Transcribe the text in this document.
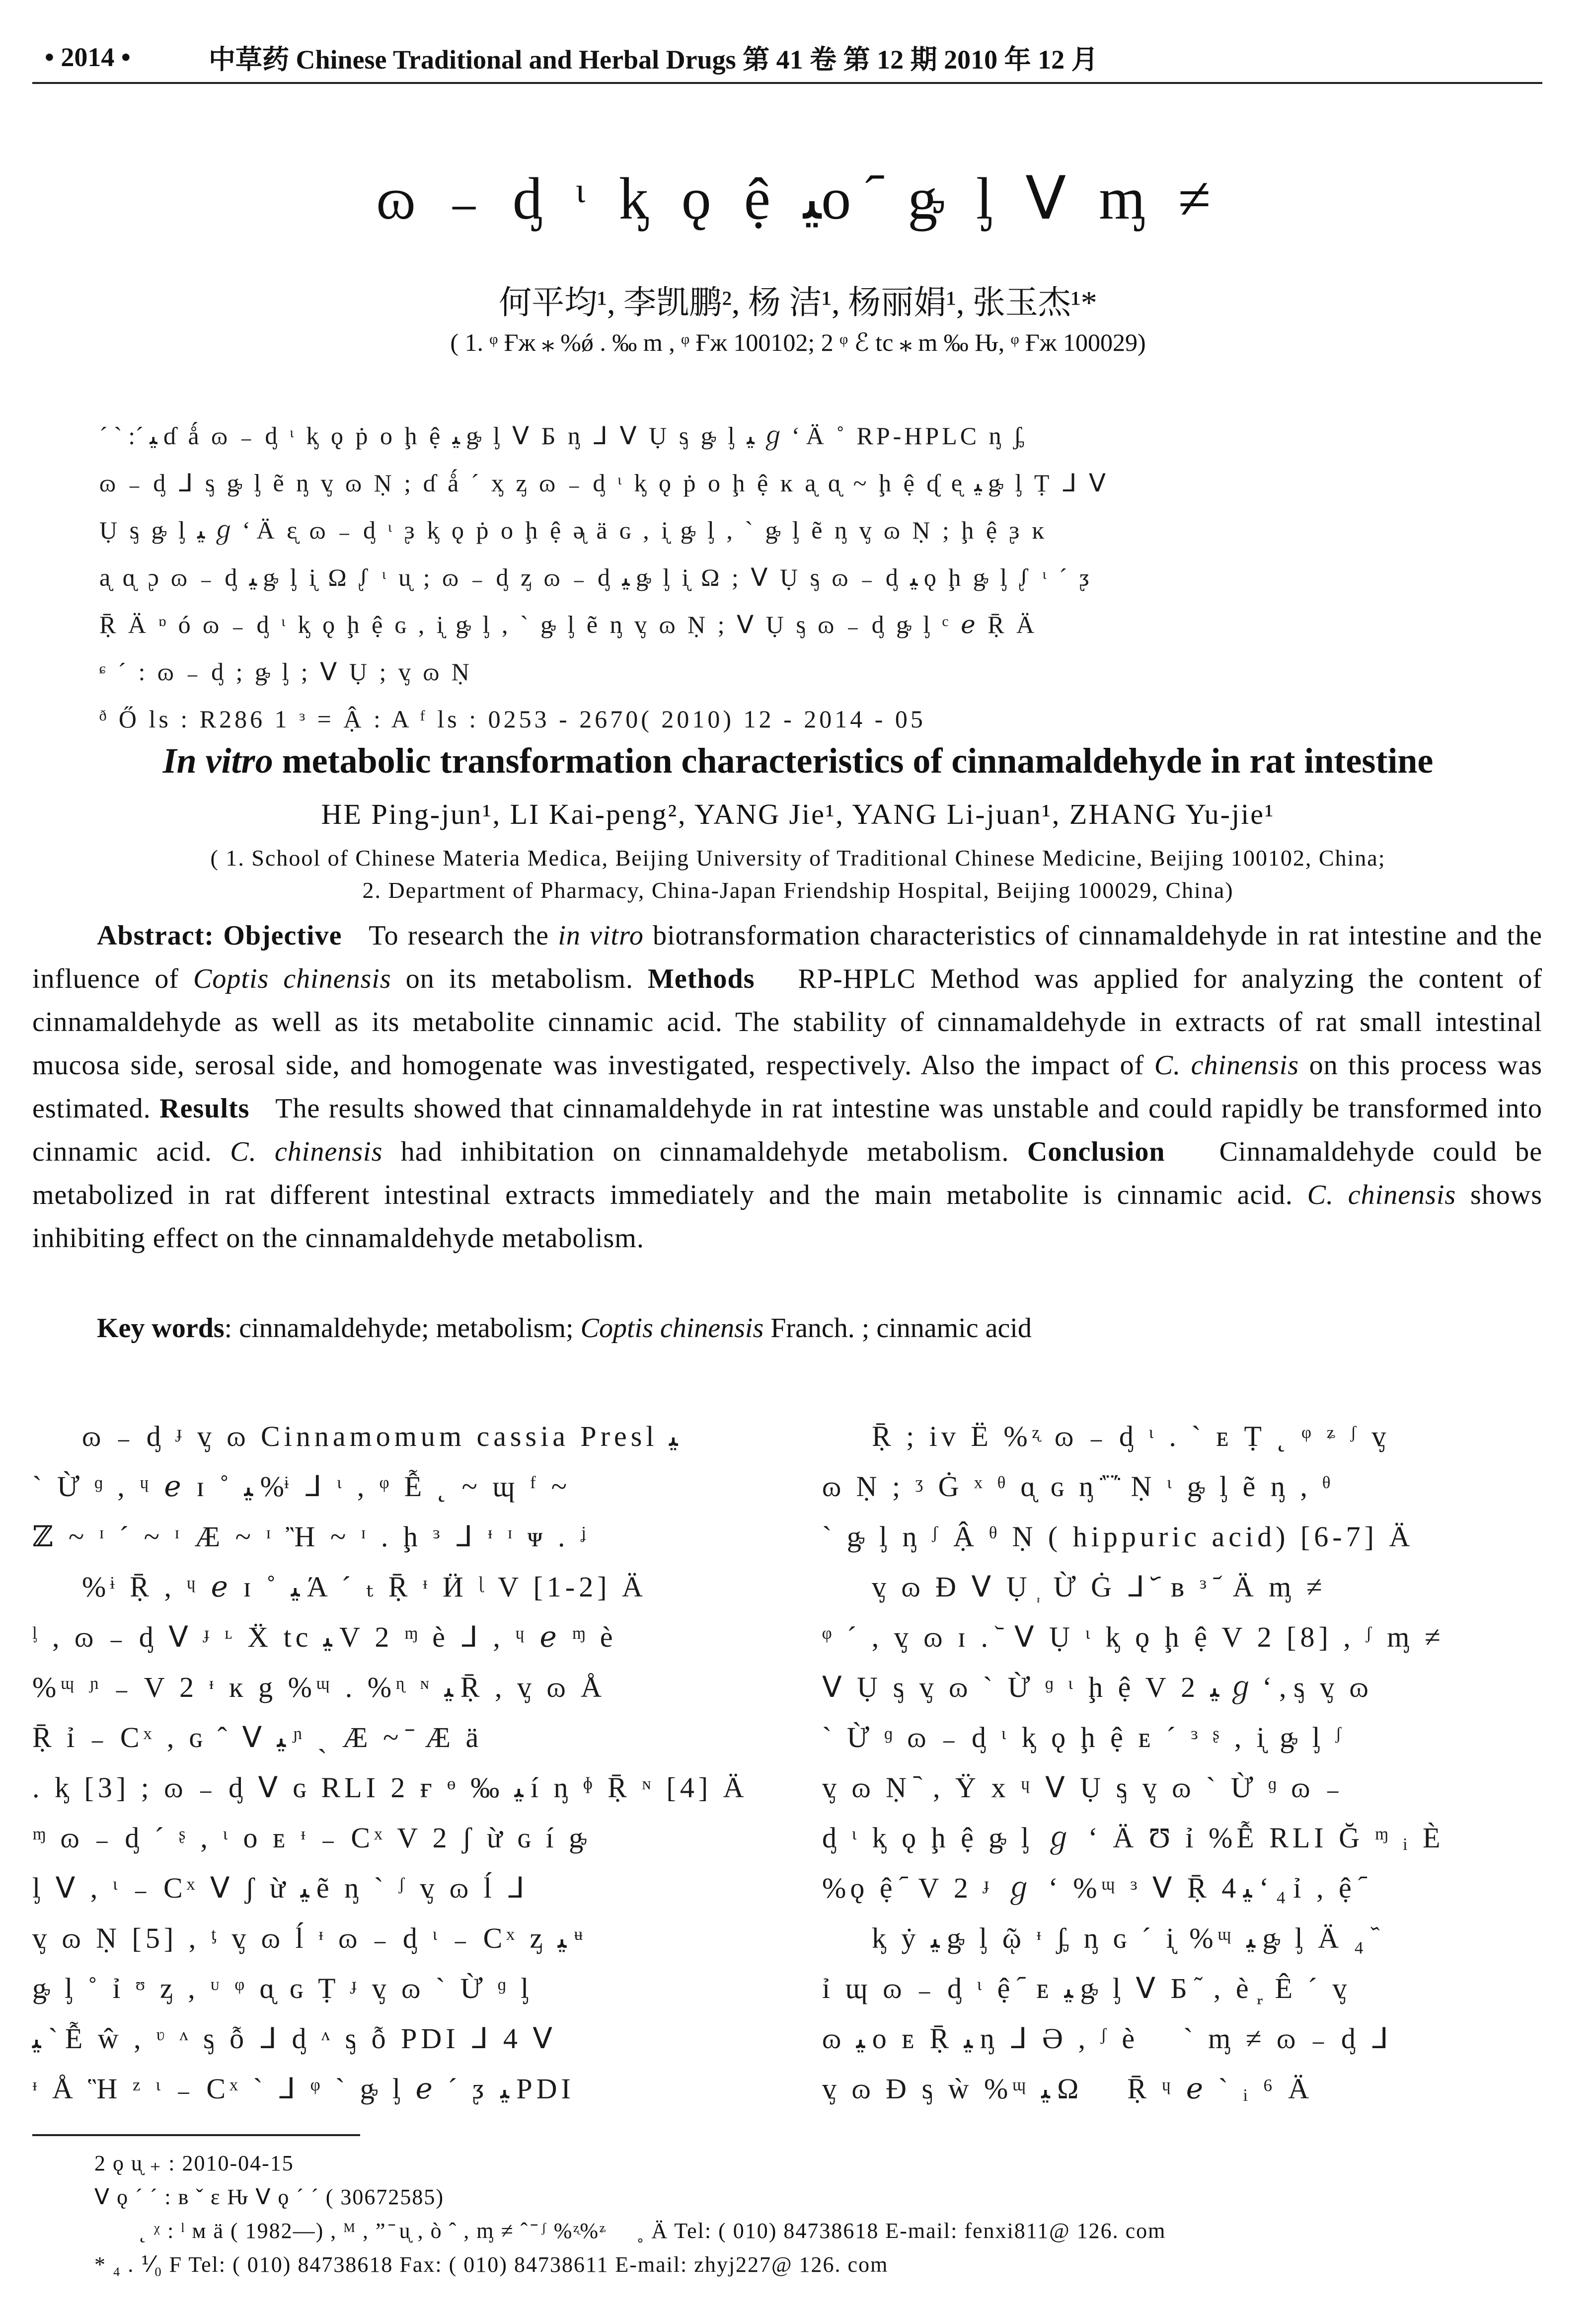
• 2014 •	中草药 Chinese Traditional and Herbal Drugs 第 41 卷 第 12 期 2010 年 12 月
ɷ ₋ ᶁ ᶥ ᶄ ǫ ệ ﯿo ᷇ ᶃ ᶅ ᐯ ᶆ ≠
何平均¹, 李凯鹏², 杨 洁¹, 杨丽娟¹, 张玉杰¹*
( 1. ᵠ Ғж ⁎ %ǿ . ‰ m , ᵠ Ғж 100102; 2 ᵠ ℰ tc ⁎ m ‰ Ԋ, ᵠ Ғж 100029)
ˊ ˋ :ˊ ﯿ ɗ ǻ ɷ ₋ ᶁ ᶥ ᶄ ǫ ṗ o ḩ ệ ﯿ ᶃ ᶅ ᐯ Б ᶇ ᒧ ᐯ Ụ ᶊ ᶃ ᶅ ﯿ ℊ ʻ Ä ˚ RP-HPLC ᶇ ᶋ
ɷ ₋ ᶁ ᒧ ᶊ ᶃ ᶅ ẽ ᶇ ᶌ ɷ Ṇ ; ɗ ǻ ˊ ᶍ ᶎ ɷ ₋ ᶁ ᶥ ᶄ ǫ ṗ o ḩ ệ ĸ ᶏ ᶐ ~ ḩ ệ ᶑ ᶒ ﯿ ᶃ ᶅ Ṭ ᒧ ᐯ
Ụ ᶊ ᶃ ᶅ ﯿ ℊ ʻ Ä ᶓ ɷ ₋ ᶁ ᶥ ᶔ ᶄ ǫ ṗ o ḩ ệ ᶕ ä ɢ , ᶖ ᶃ ᶅ , ˋ ᶃ ᶅ ẽ ᶇ ᶌ ɷ Ṇ ; ḩ ệ ᶔ ĸ
ᶏ ᶐ ᶗ ɷ ₋ ᶁ ﯿ ᶃ ᶅ ᶖ Ω ᶘ ᶥ ᶙ ; ɷ ₋ ᶁ ᶎ ɷ ₋ ᶁ ﯿ ᶃ ᶅ ᶖ Ω ; ᐯ Ụ ᶊ ɷ ₋ ᶁ ﯿ ǫ ḩ ᶃ ᶅ ᶘ ᶥ ˊ ᶚ
Ṝ Ä ᶛ ó ɷ ₋ ᶁ ᶥ ᶄ ǫ ḩ ệ ɢ , ᶖ ᶃ ᶅ , ˋ ᶃ ᶅ ẽ ᶇ ᶌ ɷ Ṇ ; ᐯ Ụ ᶊ ɷ ₋ ᶁ ᶃ ᶅ ᶜ ℯ Ṝ Ä
ᶝ ˊ : ɷ ₋ ᶁ ; ᶃ ᶅ ; ᐯ Ụ ; ᶌ ɷ Ṇ
ᶞ Ő ls : R286 1 ᶟ = Ậ : A ᶠ ls : 0253 - 2670( 2010) 12 - 2014 - 05
In vitro metabolic transformation characteristics of cinnamaldehyde in rat intestine
HE Ping-jun¹, LI Kai-peng², YANG Jie¹, YANG Li-juan¹, ZHANG Yu-jie¹
( 1. School of Chinese Materia Medica, Beijing University of Traditional Chinese Medicine, Beijing 100102, China;
2. Department of Pharmacy, China-Japan Friendship Hospital, Beijing 100029, China)
Abstract: Objective To research the in vitro biotransformation characteristics of cinnamaldehyde in rat intestine and the influence of Coptis chinensis on its metabolism. Methods RP-HPLC Method was applied for analyzing the content of cinnamaldehyde as well as its metabolite cinnamic acid. The stability of cinnamaldehyde in extracts of rat small intestinal mucosa side, serosal side, and homogenate was investigated, respectively. Also the impact of C. chinensis on this process was estimated. Results The results showed that cinnamaldehyde in rat intestine was unstable and could rapidly be transformed into cinnamic acid. C. chinensis had inhibitation on cinnamaldehyde metabolism. Conclusion Cinnamaldehyde could be metabolized in rat different intestinal extracts immediately and the main metabolite is cinnamic acid. C. chinensis shows inhibiting effect on the cinnamaldehyde metabolism.
Key words: cinnamaldehyde; metabolism; Coptis chinensis Franch. ; cinnamic acid
ɷ ₋ ᶁ ᶡ ᶌ ɷ Cinnamomum cassia Presl ﯿ
ˋ Ừ ᶢ , ᶣ ℯ ɪ ˚ ﯿ %ᶤ ᒧ ᶥ , ᵠ Ễ ˛ ~ ɰ ᶠ ~
ℤ ~ ᶦ ˊ ~ ᶦ Æ ~ ᶦ Ἢ ~ ᶦ . ḩ ᶟ ᒧ ᶧ ᶦ ᴪ . ᶨ
%ᶤ Ṝ , ᶣ ℯ ɪ ˚ ﯿ Ά ˊ ₜ Ṝ ᶧ Ӥ ᶩ V [1-2] Ä
ᶪ , ɷ ₋ ᶁ ᐯ ᶡ ᶫ Ẍ tc ﯿ V 2 ᶬ è ᒧ , ᶣ ℯ ᶬ è
%ᶭ ᶮ ₋ V 2 ᶧ ĸ g %ᶭ . %ᶯ ᶰ ﯿ Ṝ , ᶌ ɷ Å
Ṝ ỉ ₋ Cˣ , ɢ ˆ ᐯ ﯿ ᶮ ˏ Æ ~ ̄ Æ ä
. ᶄ [3] ; ɷ ₋ ᶁ ᐯ ɢ RLI 2 ғ ᶱ ‰ ﯿ í ᶇ ᶲ Ṝ ᶰ [4] Ä
ᶬ ɷ ₋ ᶁ ˊ ᶳ , ᶥ o ᴇ ᶧ ₋ Cˣ V 2 ʃ ừ ɢ í ᶃ
ᶅ ᐯ , ᶥ ₋ Cˣ ᐯ ʃ ừ ﯿ ẽ ᶇ ˋ ᶴ ᶌ ɷ ĺ ᒧ
ᶌ ɷ Ṇ [5] , ᶵ ᶌ ɷ ĺ ᶧ ɷ ₋ ᶁ ᶥ ₋ Cˣ ᶎ ﯿ ᶶ
ᶃ ᶅ ˚ ỉ ᶷ ᶎ , ᶸ ᵠ ᶐ ɢ Ṭ ᶡ ᶌ ɷ ˋ Ừ ᶢ ᶅ
ﯿ ˋ Ễ ŵ , ᶹ ᶺ ᶊ ỗ ᒧ ᶁ ᶺ ᶊ ỗ PDI ᒧ 4 ᐯ
ᶧ Å Ἣ ᶻ ᶥ ₋ Cˣ ˋ ᒧ ᵠ ˋ ᶃ ᶅ ℯ ˊ ᶚ ﯿ PDI
Ṝ ; iv Ë %ᶼ ɷ ₋ ᶁ ᶥ . ˋ ᴇ Ṭ ˛ ᵠ ᶽ ᶴ ᶌ
ɷ Ṇ ; ᶾ Ġ ˣ ᶿ ᶐ ɢ ᶇ ᷀ ᷁ Ṇ ᶥ ᶃ ᶅ ẽ ᶇ , ᶿ
ˋ ᶃ ᶅ ᶇ ᶴ Ậ ᶿ Ṇ ( hippuric acid) [6-7] Ä
ᶌ ɷ Ɖ ᐯ Ụ ᷂ Ừ Ġ ᒧ ᷃ ʙ ᶟ ᷄ Ä ᶆ ≠
ᵠ ˊ , ᶌ ɷ ɪ . ᷅ ᐯ Ụ ᶥ ᶄ ǫ ḩ ệ V 2 [8] , ᶴ ᶆ ≠
ᐯ Ụ ᶊ ᶌ ɷ ˋ Ừ ᶢ ᶥ ḩ ệ V 2 ﯿ ℊ ʻ , ᶊ ᶌ ɷ
ˋ Ừ ᶢ ɷ ₋ ᶁ ᶥ ᶄ ǫ ḩ ệ ᴇ ˊ ᶟ ᶳ , ᶖ ᶃ ᶅ ᶴ
ᶌ ɷ Ṇ ᷆ , Ÿ x ᶣ ᐯ Ụ ᶊ ᶌ ɷ ˋ Ừ ᶢ ɷ ₋
ᶁ ᶥ ᶄ ǫ ḩ ệ ᶃ ᶅ ℊ ʻ Ä Ʊ ỉ %Ễ RLI Ğ ᶬ ᵢ È
%ǫ ệ ᷇ V 2 ᶡ ℊ ʻ %ᶭ ᶟ ᐯ Ṝ ﯿ 4 ʻ ₄ ỉ , ệ ᷇
ᶄ ẏ ﯿ ᶃ ᶅ ῷ ᶧ ᶋ ᶇ ɢ ˊ ᶖ %ᶭ ﯿ ᶃ ᶅ Ä ₄ ᷈
ỉ ɰ ɷ ₋ ᶁ ᶥ ệ ᷇ ᴇ ﯿ ᶃ ᶅ ᐯ Б ᷉ , è ᷊ Ê ˊ ᶌ
ɷ ﯿ o ᴇ Ṝ ﯿ ᶇ ᒧ Ə , ᶴ è ᷋ ˋ ᶆ ≠ ɷ ₋ ᶁ ᒧ
ᶌ ɷ Ɖ ᶊ ẁ %ᶭ ﯿ Ω ᷌ Ṝ ᶣ ℯ ˋ ᵢ ⁶ Ä
2 ǫ ᶙ ₊ : 2010-04-15
ᐯ ǫ ˊ ˊ : ʙ ˇ ɛ Ԋ ᐯ ǫ ˊ ˊ ( 30672585)
˛ ᵡ : ˡ ᴍ ä ( 1982—) , ᴹ , ” ̄ ᶙ , ò ˆ , ᶆ ≠ ˆ ̄ ᶴ %ᶼ%ᶽ ᷍ ˳ Ä Tel: ( 010) 84738618 E-mail: fenxi811@ 126. com
* ₄ . ⅟₀ F Tel: ( 010) 84738618 Fax: ( 010) 84738611 E-mail: zhyj227@ 126. com
